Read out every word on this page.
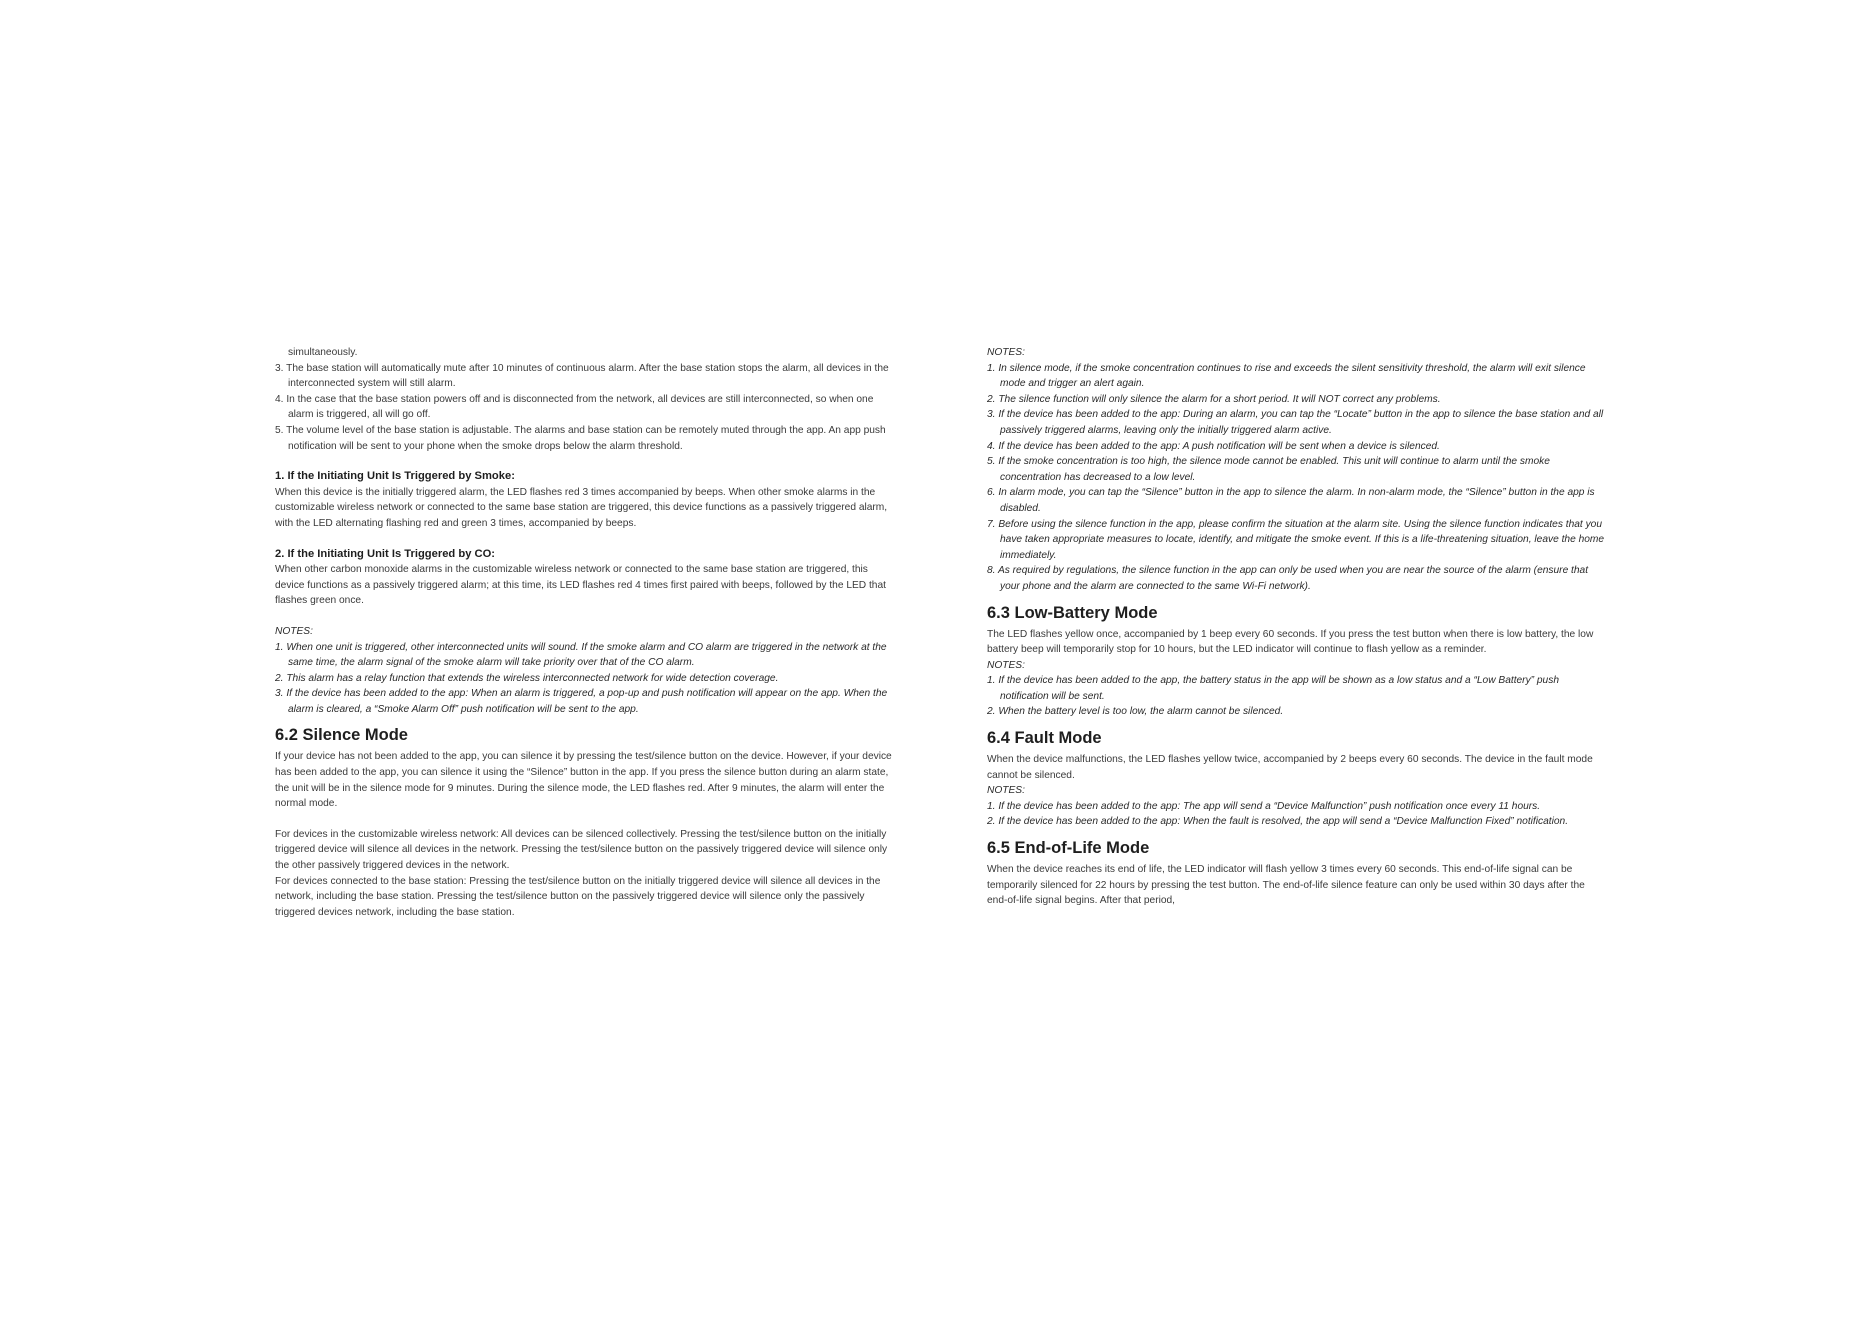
simultaneously.

3. The base station will automatically mute after 10 minutes of continuous alarm. After the base station stops the alarm, all devices in the interconnected system will still alarm.

4. In the case that the base station powers off and is disconnected from the network, all devices are still interconnected, so when one alarm is triggered, all will go off.

5. The volume level of the base station is adjustable. The alarms and base station can be remotely muted through the app. An app push notification will be sent to your phone when the smoke drops below the alarm threshold.

1. If the Initiating Unit Is Triggered by Smoke:

When this device is the initially triggered alarm, the LED flashes red 3 times accompanied by beeps. When other smoke alarms in the customizable wireless network or connected to the same base station are triggered, this device functions as a passively triggered alarm, with the LED alternating flashing red and green 3 times, accompanied by beeps.

2. If the Initiating Unit Is Triggered by CO:

When other carbon monoxide alarms in the customizable wireless network or connected to the same base station are triggered, this device functions as a passively triggered alarm; at this time, its LED flashes red 4 times first paired with beeps, followed by the LED that flashes green once.

NOTES:

1. When one unit is triggered, other interconnected units will sound. If the smoke alarm and CO alarm are triggered in the network at the same time, the alarm signal of the smoke alarm will take priority over that of the CO alarm.

2. This alarm has a relay function that extends the wireless interconnected network for wide detection coverage.

3. If the device has been added to the app: When an alarm is triggered, a pop-up and push notification will appear on the app. When the alarm is cleared, a “Smoke Alarm Off” push notification will be sent to the app.

6.2 Silence Mode

If your device has not been added to the app, you can silence it by pressing the test/silence button on the device. However, if your device has been added to the app, you can silence it using the “Silence” button in the app. If you press the silence button during an alarm state, the unit will be in the silence mode for 9 minutes. During the silence mode, the LED flashes red. After 9 minutes, the alarm will enter the normal mode.

For devices in the customizable wireless network: All devices can be silenced collectively. Pressing the test/silence button on the initially triggered device will silence all devices in the network. Pressing the test/silence button on the passively triggered device will silence only the other passively triggered devices in the network.

For devices connected to the base station: Pressing the test/silence button on the initially triggered device will silence all devices in the network, including the base station. Pressing the test/silence button on the passively triggered device will silence only the passively triggered devices network, including the base station.

NOTES:

1. In silence mode, if the smoke concentration continues to rise and exceeds the silent sensitivity threshold, the alarm will exit silence mode and trigger an alert again.

2. The silence function will only silence the alarm for a short period. It will NOT correct any problems.

3. If the device has been added to the app: During an alarm, you can tap the “Locate” button in the app to silence the base station and all passively triggered alarms, leaving only the initially triggered alarm active.

4. If the device has been added to the app: A push notification will be sent when a device is silenced.

5. If the smoke concentration is too high, the silence mode cannot be enabled. This unit will continue to alarm until the smoke concentration has decreased to a low level.

6. In alarm mode, you can tap the “Silence” button in the app to silence the alarm. In non-alarm mode, the “Silence” button in the app is disabled.

7. Before using the silence function in the app, please confirm the situation at the alarm site. Using the silence function indicates that you have taken appropriate measures to locate, identify, and mitigate the smoke event. If this is a life-threatening situation, leave the home immediately.

8. As required by regulations, the silence function in the app can only be used when you are near the source of the alarm (ensure that your phone and the alarm are connected to the same Wi-Fi network).

6.3 Low-Battery Mode

The LED flashes yellow once, accompanied by 1 beep every 60 seconds. If you press the test button when there is low battery, the low battery beep will temporarily stop for 10 hours, but the LED indicator will continue to flash yellow as a reminder.

NOTES:

1. If the device has been added to the app, the battery status in the app will be shown as a low status and a “Low Battery” push notification will be sent.

2. When the battery level is too low, the alarm cannot be silenced.

6.4 Fault Mode

When the device malfunctions, the LED flashes yellow twice, accompanied by 2 beeps every 60 seconds. The device in the fault mode cannot be silenced.

NOTES:

1. If the device has been added to the app: The app will send a “Device Malfunction” push notification once every 11 hours.

2. If the device has been added to the app: When the fault is resolved, the app will send a “Device Malfunction Fixed” notification.

6.5 End-of-Life Mode

When the device reaches its end of life, the LED indicator will flash yellow 3 times every 60 seconds. This end-of-life signal can be temporarily silenced for 22 hours by pressing the test button. The end-of-life silence feature can only be used within 30 days after the end-of-life signal begins. After that period,
